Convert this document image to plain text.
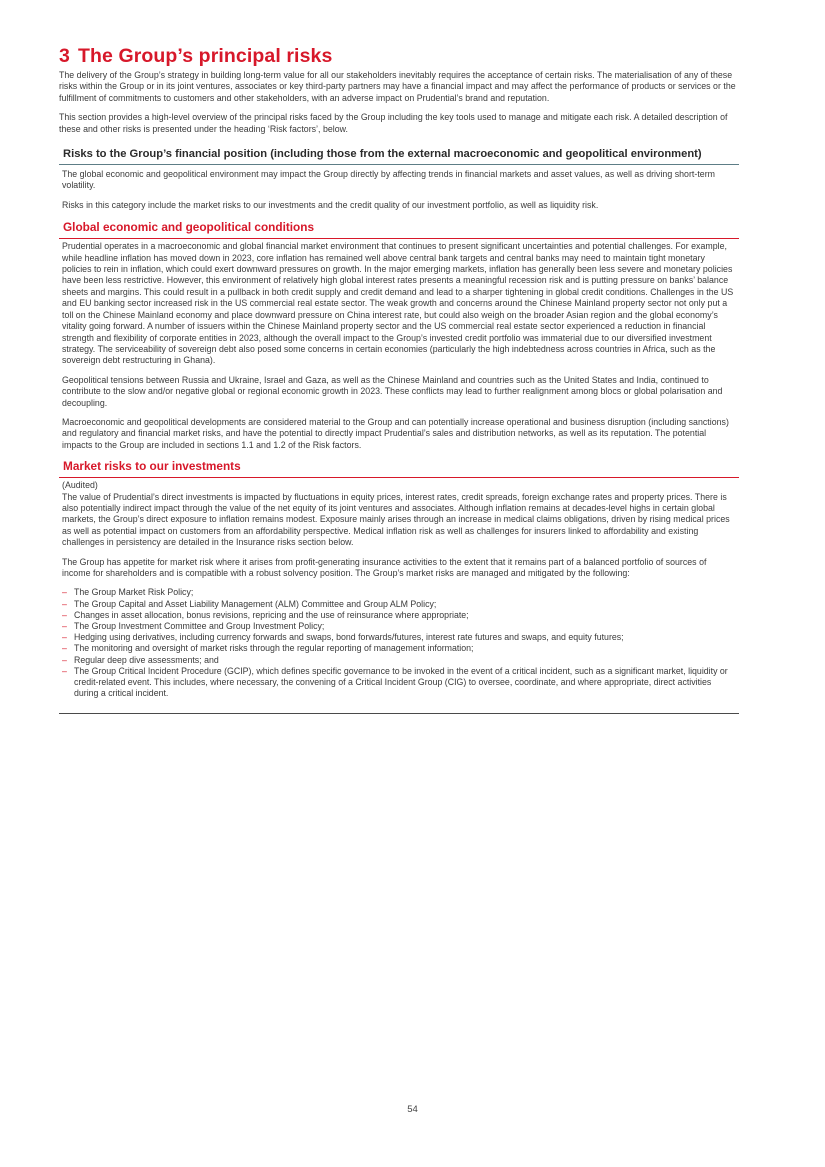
3 The Group’s principal risks

The delivery of the Group’s strategy in building long-term value for all our stakeholders inevitably requires the acceptance of certain risks. The materialisation of any of these risks within the Group or in its joint ventures, associates or key third-party partners may have a financial impact and may affect the performance of products or services or the fulfillment of commitments to customers and other stakeholders, with an adverse impact on Prudential’s brand and reputation.

This section provides a high-level overview of the principal risks faced by the Group including the key tools used to manage and mitigate each risk. A detailed description of these and other risks is presented under the heading ‘Risk factors’, below.

Risks to the Group’s financial position (including those from the external macroeconomic and geopolitical environment)

The global economic and geopolitical environment may impact the Group directly by affecting trends in financial markets and asset values, as well as driving short-term volatility.

Risks in this category include the market risks to our investments and the credit quality of our investment portfolio, as well as liquidity risk.

Global economic and geopolitical conditions

Prudential operates in a macroeconomic and global financial market environment that continues to present significant uncertainties and potential challenges. For example, while headline inflation has moved down in 2023, core inflation has remained well above central bank targets and central banks may need to maintain tight monetary policies to rein in inflation, which could exert downward pressures on growth. In the major emerging markets, inflation has generally been less severe and monetary policies have been less restrictive. However, this environment of relatively high global interest rates presents a meaningful recession risk and is putting pressure on banks’ balance sheets and margins. This could result in a pullback in both credit supply and credit demand and lead to a sharper tightening in global credit conditions. Challenges in the US and EU banking sector increased risk in the US commercial real estate sector. The weak growth and concerns around the Chinese Mainland property sector not only put a toll on the Chinese Mainland economy and place downward pressure on China interest rate, but could also weigh on the broader Asian region and the global economy’s vitality going forward. A number of issuers within the Chinese Mainland property sector and the US commercial real estate sector experienced a reduction in financial strength and flexibility of corporate entities in 2023, although the overall impact to the Group’s invested credit portfolio was immaterial due to our diversified investment strategy. The serviceability of sovereign debt also posed some concerns in certain economies (particularly the high indebtedness across countries in Africa, such as the sovereign debt restructuring in Ghana).

Geopolitical tensions between Russia and Ukraine, Israel and Gaza, as well as the Chinese Mainland and countries such as the United States and India, continued to contribute to the slow and/or negative global or regional economic growth in 2023. These conflicts may lead to further realignment among blocs or global polarisation and decoupling.

Macroeconomic and geopolitical developments are considered material to the Group and can potentially increase operational and business disruption (including sanctions) and regulatory and financial market risks, and have the potential to directly impact Prudential’s sales and distribution networks, as well as its reputation. The potential impacts to the Group are included in sections 1.1 and 1.2 of the Risk factors.

Market risks to our investments

(Audited)

The value of Prudential’s direct investments is impacted by fluctuations in equity prices, interest rates, credit spreads, foreign exchange rates and property prices. There is also potentially indirect impact through the value of the net equity of its joint ventures and associates. Although inflation remains at decades-level highs in certain global markets, the Group’s direct exposure to inflation remains modest. Exposure mainly arises through an increase in medical claims obligations, driven by rising medical prices as well as potential impact on customers from an affordability perspective. Medical inflation risk as well as challenges for insurers linked to affordability and existing challenges in persistency are detailed in the Insurance risks section below.

The Group has appetite for market risk where it arises from profit-generating insurance activities to the extent that it remains part of a balanced portfolio of sources of income for shareholders and is compatible with a robust solvency position. The Group’s market risks are managed and mitigated by the following:

– The Group Market Risk Policy;
– The Group Capital and Asset Liability Management (ALM) Committee and Group ALM Policy;
– Changes in asset allocation, bonus revisions, repricing and the use of reinsurance where appropriate;
– The Group Investment Committee and Group Investment Policy;
– Hedging using derivatives, including currency forwards and swaps, bond forwards/futures, interest rate futures and swaps, and equity futures;
– The monitoring and oversight of market risks through the regular reporting of management information;
– Regular deep dive assessments; and
– The Group Critical Incident Procedure (GCIP), which defines specific governance to be invoked in the event of a critical incident, such as a significant market, liquidity or credit-related event. This includes, where necessary, the convening of a Critical Incident Group (CIG) to oversee, coordinate, and where appropriate, direct activities during a critical incident.
54
